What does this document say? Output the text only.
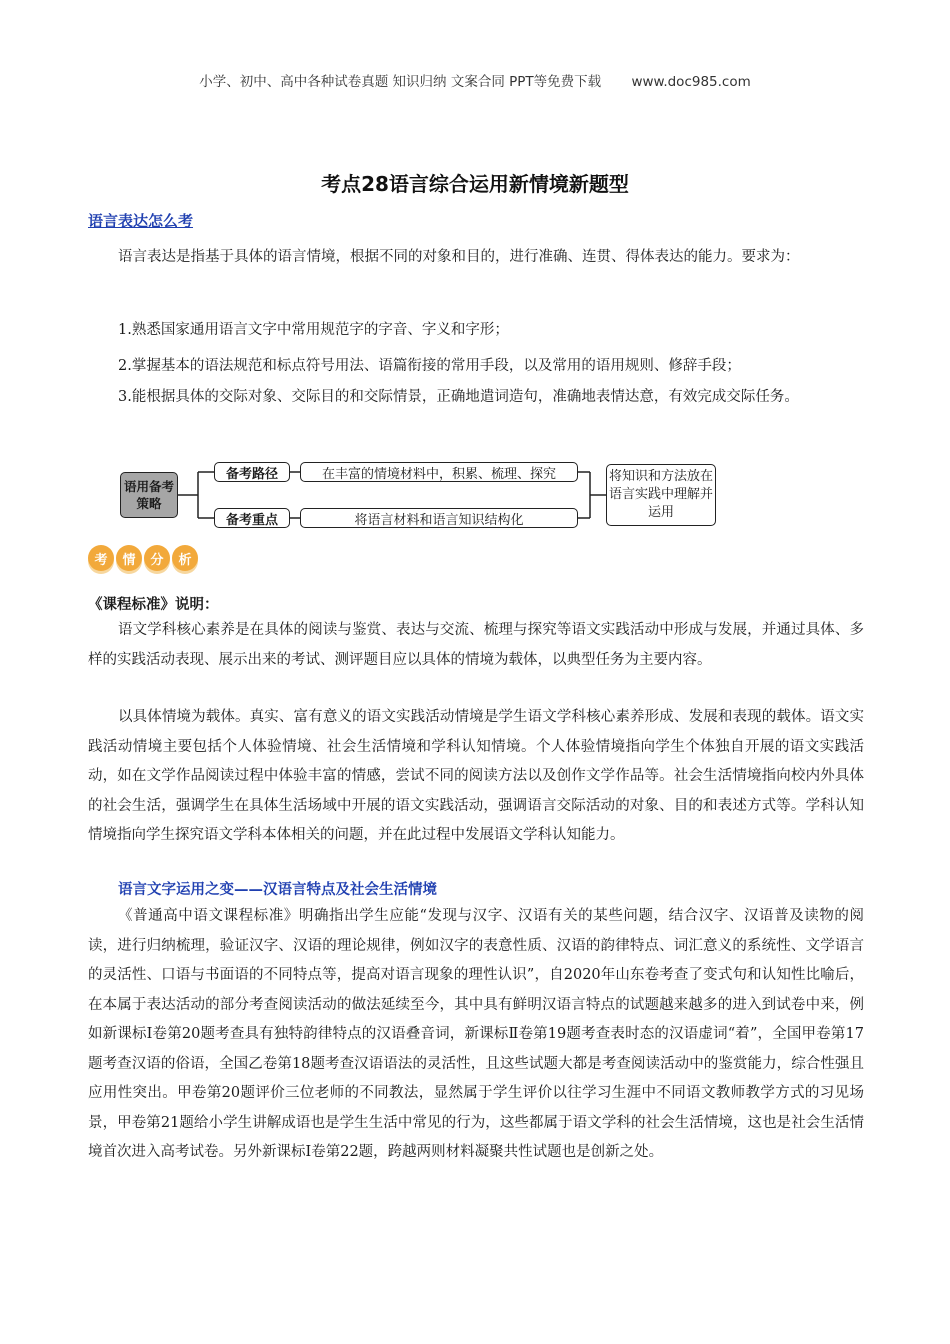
小学、初中、高中各种试卷真题 知识归纳 文案合同 PPT等免费下载 www.doc985.com
考点28语言综合运用新情境新题型
语言表达怎么考

语言表达是指基于具体的语言情境，根据不同的对象和目的，进行准确、连贯、得体表达的能力。要求为：

1.熟悉国家通用语言文字中常用规范字的字音、字义和字形；

2.掌握基本的语法规范和标点符号用法、语篇衔接的常用手段，以及常用的语用规则、修辞手段；

3.能根据具体的交际对象、交际目的和交际情景，正确地遣词造句，准确地表情达意，有效完成交际任务。

语用备考策略
备考路径	在丰富的情境材料中，积累、梳理、探究
备考重点	将语言材料和语言知识结构化
将知识和方法放在语言实践中理解并运用
考	情	分	析
《课程标准》说明：

语文学科核心素养是在具体的阅读与鉴赏、表达与交流、梳理与探究等语文实践活动中形成与发展，并通过具体、多样的实践活动表现、展示出来的考试、测评题目应以具体的情境为载体，以典型任务为主要内容。

以具体情境为载体。真实、富有意义的语文实践活动情境是学生语文学科核心素养形成、发展和表现的载体。语文实践活动情境主要包括个人体验情境、社会生活情境和学科认知情境。个人体验情境指向学生个体独自开展的语文实践活动，如在文学作品阅读过程中体验丰富的情感，尝试不同的阅读方法以及创作文学作品等。社会生活情境指向校内外具体的社会生活，强调学生在具体生活场域中开展的语文实践活动，强调语言交际活动的对象、目的和表述方式等。学科认知情境指向学生探究语文学科本体相关的问题，并在此过程中发展语文学科认知能力。

语言文字运用之变——汉语言特点及社会生活情境

《普通高中语文课程标准》明确指出学生应能“发现与汉字、汉语有关的某些问题，结合汉字、汉语普及读物的阅读，进行归纳梳理，验证汉字、汉语的理论规律，例如汉字的表意性质、汉语的韵律特点、词汇意义的系统性、文学语言的灵活性、口语与书面语的不同特点等，提高对语言现象的理性认识”，自2020年山东卷考查了变式句和认知性比喻后，在本属于表达活动的部分考查阅读活动的做法延续至今，其中具有鲜明汉语言特点的试题越来越多的进入到试卷中来，例如新课标Ⅰ卷第20题考查具有独特韵律特点的汉语叠音词，新课标Ⅱ卷第19题考查表时态的汉语虚词“着”，全国甲卷第17题考查汉语的俗语，全国乙卷第18题考查汉语语法的灵活性，且这些试题大都是考查阅读活动中的鉴赏能力，综合性强且应用性突出。甲卷第20题评价三位老师的不同教法，显然属于学生评价以往学习生涯中不同语文教师教学方式的习见场景，甲卷第21题给小学生讲解成语也是学生生活中常见的行为，这些都属于语文学科的社会生活情境，这也是社会生活情境首次进入高考试卷。另外新课标Ⅰ卷第22题，跨越两则材料凝聚共性试题也是创新之处。
